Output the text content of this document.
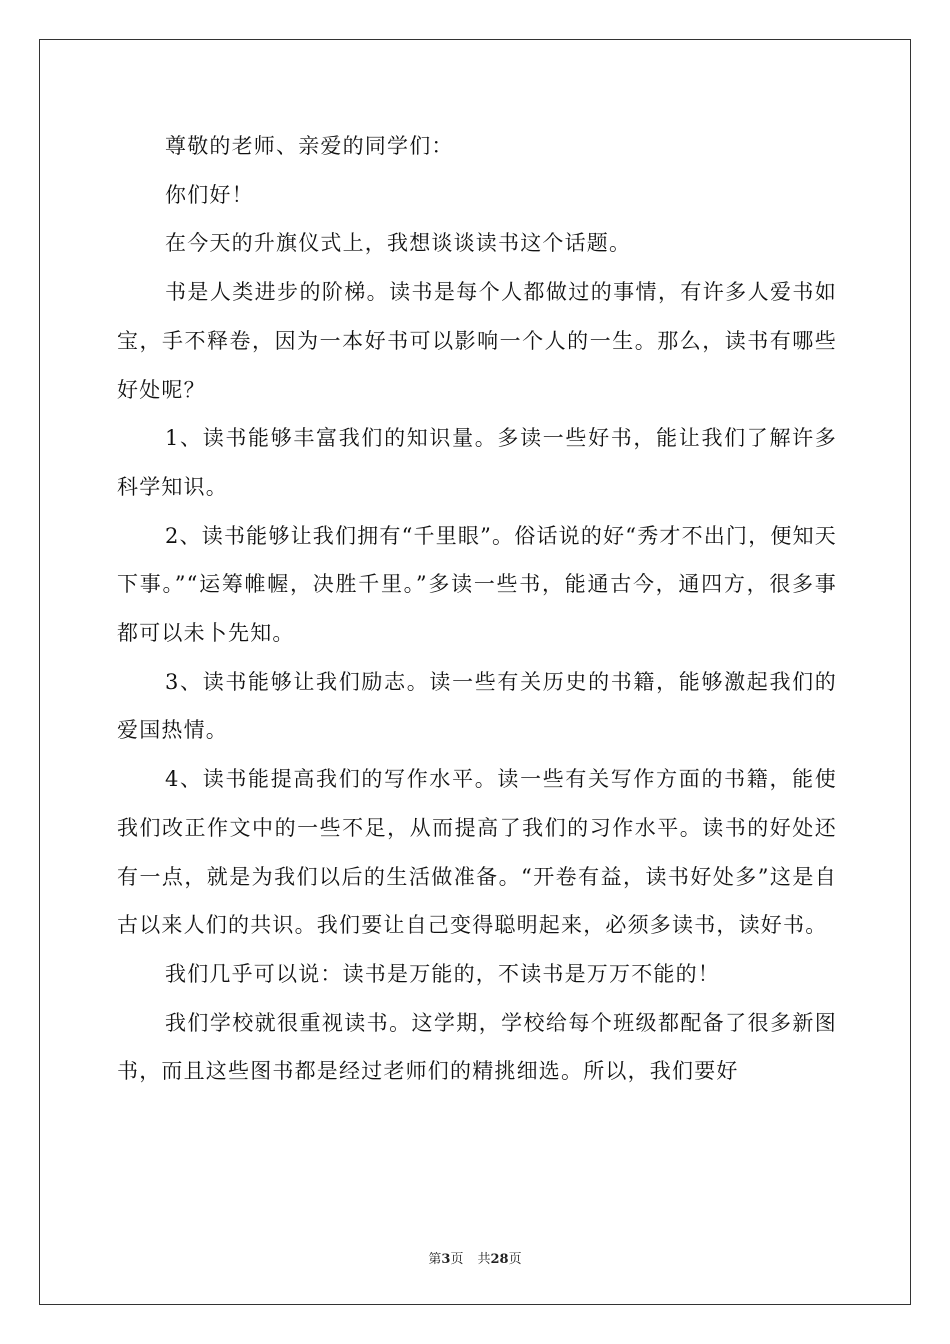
尊敬的老师、亲爱的同学们：

你们好！

在今天的升旗仪式上，我想谈谈读书这个话题。

书是人类进步的阶梯。读书是每个人都做过的事情，有许多人爱书如宝，手不释卷，因为一本好书可以影响一个人的一生。那么，读书有哪些好处呢？

1、读书能够丰富我们的知识量。多读一些好书，能让我们了解许多科学知识。

2、读书能够让我们拥有“千里眼”。俗话说的好“秀才不出门，便知天下事。”“运筹帷幄，决胜千里。”多读一些书，能通古今，通四方，很多事都可以未卜先知。

3、读书能够让我们励志。读一些有关历史的书籍，能够激起我们的爱国热情。

4、读书能提高我们的写作水平。读一些有关写作方面的书籍，能使我们改正作文中的一些不足，从而提高了我们的习作水平。读书的好处还有一点，就是为我们以后的生活做准备。“开卷有益，读书好处多”这是自古以来人们的共识。我们要让自己变得聪明起来，必须多读书，读好书。

我们几乎可以说：读书是万能的，不读书是万万不能的！

我们学校就很重视读书。这学期，学校给每个班级都配备了很多新图书，而且这些图书都是经过老师们的精挑细选。所以，我们要好

第3页 共28页
